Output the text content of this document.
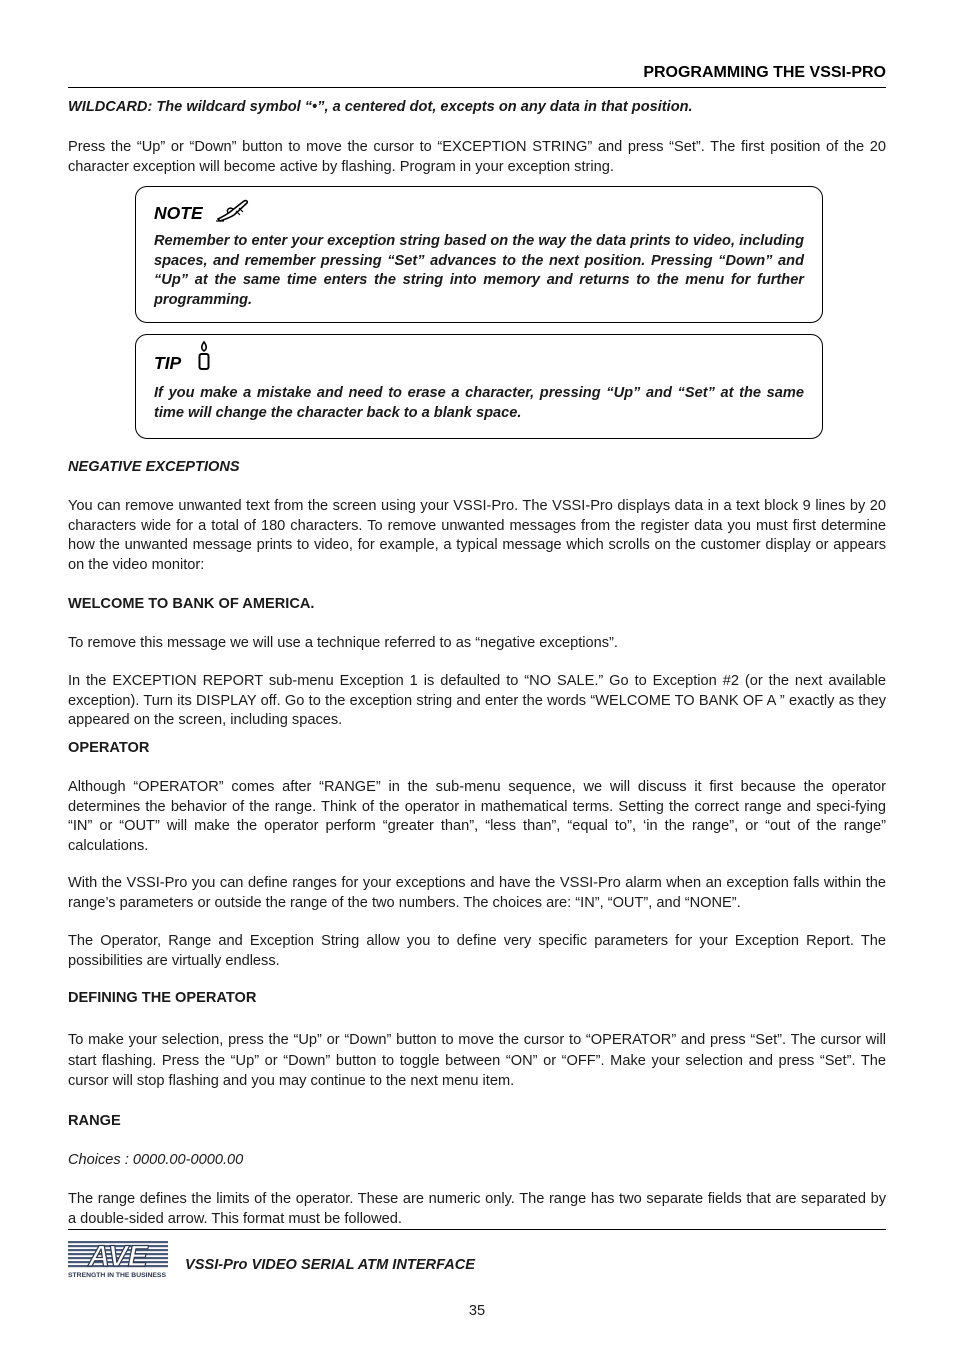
PROGRAMMING THE VSSI-PRO

WILDCARD: The wildcard symbol “•”, a centered dot, excepts on any data in that position.

Press the “Up” or “Down” button to move the cursor to “EXCEPTION STRING” and press “Set”. The first position of the 20 character exception will become active by flashing. Program in your exception string.

NOTE

Remember to enter your exception string based on the way the data prints to video, including spaces, and remember pressing “Set” advances to the next position. Pressing “Down” and “Up” at the same time enters the string into memory and returns to the menu for further programming.

TIP

If you make a mistake and need to erase a character, pressing “Up” and “Set” at the same time will change the character back to a blank space.

NEGATIVE EXCEPTIONS

You can remove unwanted text from the screen using your VSSI-Pro. The VSSI-Pro displays data in a text block 9 lines by 20 characters wide for a total of 180 characters. To remove unwanted messages from the register data you must first determine how the unwanted message prints to video, for example, a typical message which scrolls on the customer display or appears on the video monitor:

WELCOME TO BANK OF AMERICA.

To remove this message we will use a technique referred to as “negative exceptions”.

In the EXCEPTION REPORT sub-menu Exception 1 is defaulted to “NO SALE.” Go to Exception #2 (or the next available exception). Turn its DISPLAY off. Go to the exception string and enter the words “WELCOME TO BANK OF A ” exactly as they appeared on the screen, including spaces.

OPERATOR

Although “OPERATOR” comes after “RANGE” in the sub-menu sequence, we will discuss it first because the operator determines the behavior of the range. Think of the operator in mathematical terms. Setting the correct range and speci-fying “IN” or “OUT” will make the operator perform “greater than”, “less than”, “equal to”, ‘in the range”, or “out of the range” calculations.

With the VSSI-Pro you can define ranges for your exceptions and have the VSSI-Pro alarm when an exception falls within the range’s parameters or outside the range of the two numbers. The choices are: “IN”, “OUT”, and “NONE”.

The Operator, Range and Exception String allow you to define very specific parameters for your Exception Report. The possibilities are virtually endless.

DEFINING THE OPERATOR

To make your selection, press the “Up” or “Down” button to move the cursor to “OPERATOR” and press “Set”. The cursor will start flashing. Press the “Up” or “Down” button to toggle between “ON” or “OFF”. Make your selection and press “Set”. The cursor will stop flashing and you may continue to the next menu item.

RANGE
Choices : 0000.00-0000.00

The range defines the limits of the operator. These are numeric only. The range has two separate fields that are separated by a double-sided arrow. This format must be followed.

AVE
STRENGTH IN THE BUSINESS
VSSI-Pro VIDEO SERIAL ATM INTERFACE
35
